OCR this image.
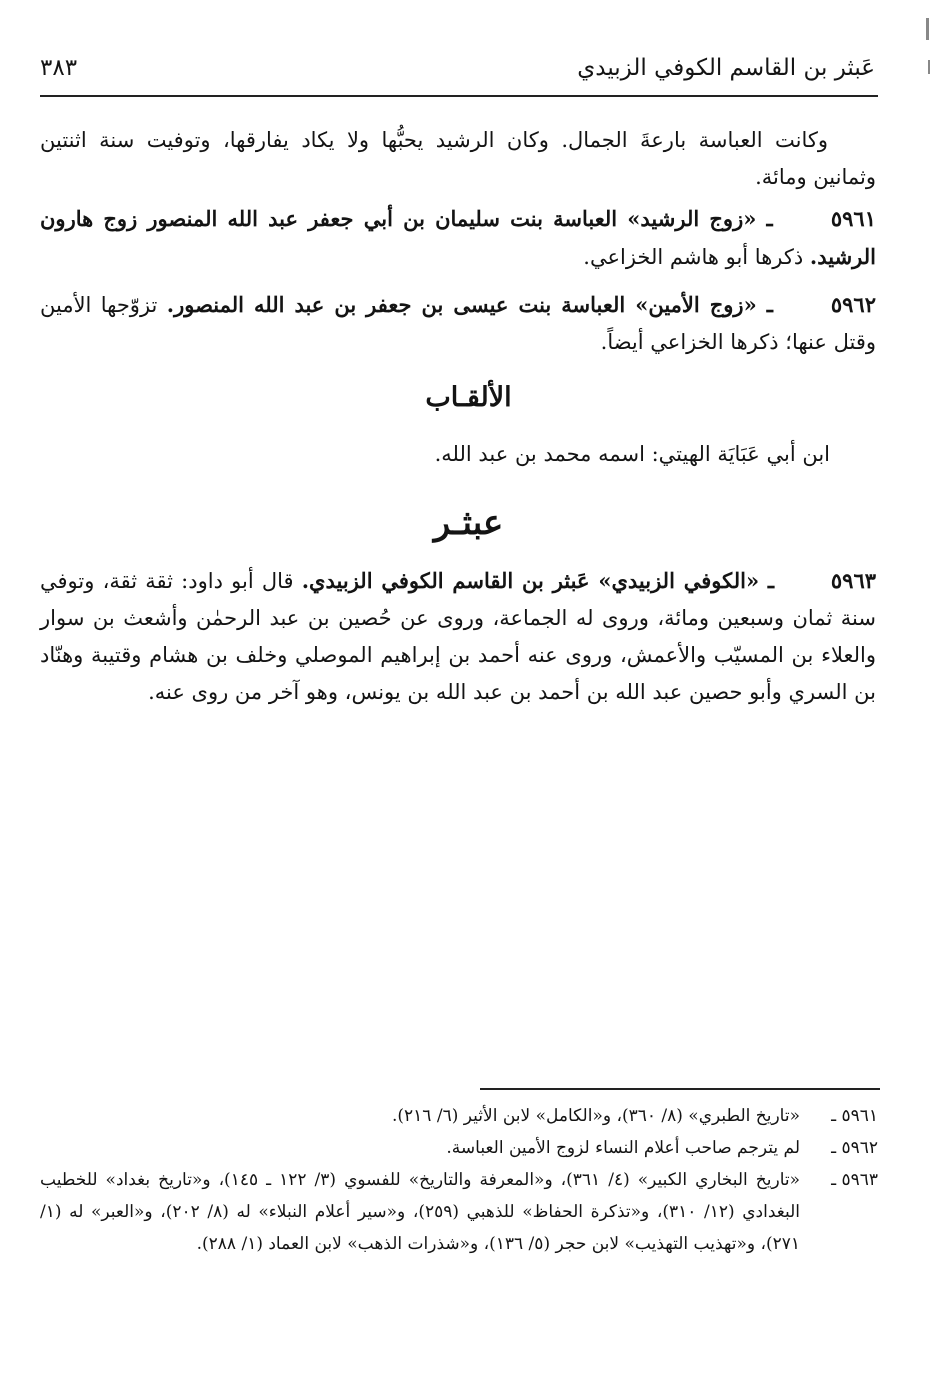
عَبثر بن القاسم الكوفي الزبيدي
٣٨٣
وكانت العباسة بارعةَ الجمال. وكان الرشيد يحبُّها ولا يكاد يفارقها، وتوفيت سنة اثنتين وثمانين ومائة.
٥٩٦١ ـ «زوج الرشيد» العباسة بنت سليمان بن أبي جعفر عبد الله المنصور زوج هارون الرشيد. ذكرها أبو هاشم الخزاعي.
٥٩٦٢ ـ «زوج الأمين» العباسة بنت عيسى بن جعفر بن عبد الله المنصور. تزوّجها الأمين وقتل عنها؛ ذكرها الخزاعي أيضاً.
الألقـاب
ابن أبي عَبَايَة الهيتي: اسمه محمد بن عبد الله.
عبثـر
٥٩٦٣ ـ «الكوفي الزبيدي» عَبثر بن القاسم الكوفي الزبيدي. قال أبو داود: ثقة ثقة، وتوفي سنة ثمان وسبعين ومائة، وروى له الجماعة، وروى عن حُصين بن عبد الرحمٰن وأشعث بن سوار والعلاء بن المسيّب والأعمش، وروى عنه أحمد بن إبراهيم الموصلي وخلف بن هشام وقتيبة وهنّاد بن السري وأبو حصين عبد الله بن أحمد بن عبد الله بن يونس، وهو آخر من روى عنه.
٥٩٦١ ـ
«تاريخ الطبري» (٨/ ٣٦٠)، و«الكامل» لابن الأثير (٦/ ٢١٦).
٥٩٦٢ ـ
لم يترجم صاحب أعلام النساء لزوج الأمين العباسة.
٥٩٦٣ ـ
«تاريخ البخاري الكبير» (٤/ ٣٦١)، و«المعرفة والتاريخ» للفسوي (٣/ ١٢٢ ـ ١٤٥)، و«تاريخ بغداد» للخطيب البغدادي (١٢/ ٣١٠)، و«تذكرة الحفاظ» للذهبي (٢٥٩)، و«سير أعلام النبلاء» له (٨/ ٢٠٢)، و«العبر» له (١/ ٢٧١)، و«تهذيب التهذيب» لابن حجر (٥/ ١٣٦)، و«شذرات الذهب» لابن العماد (١/ ٢٨٨).
